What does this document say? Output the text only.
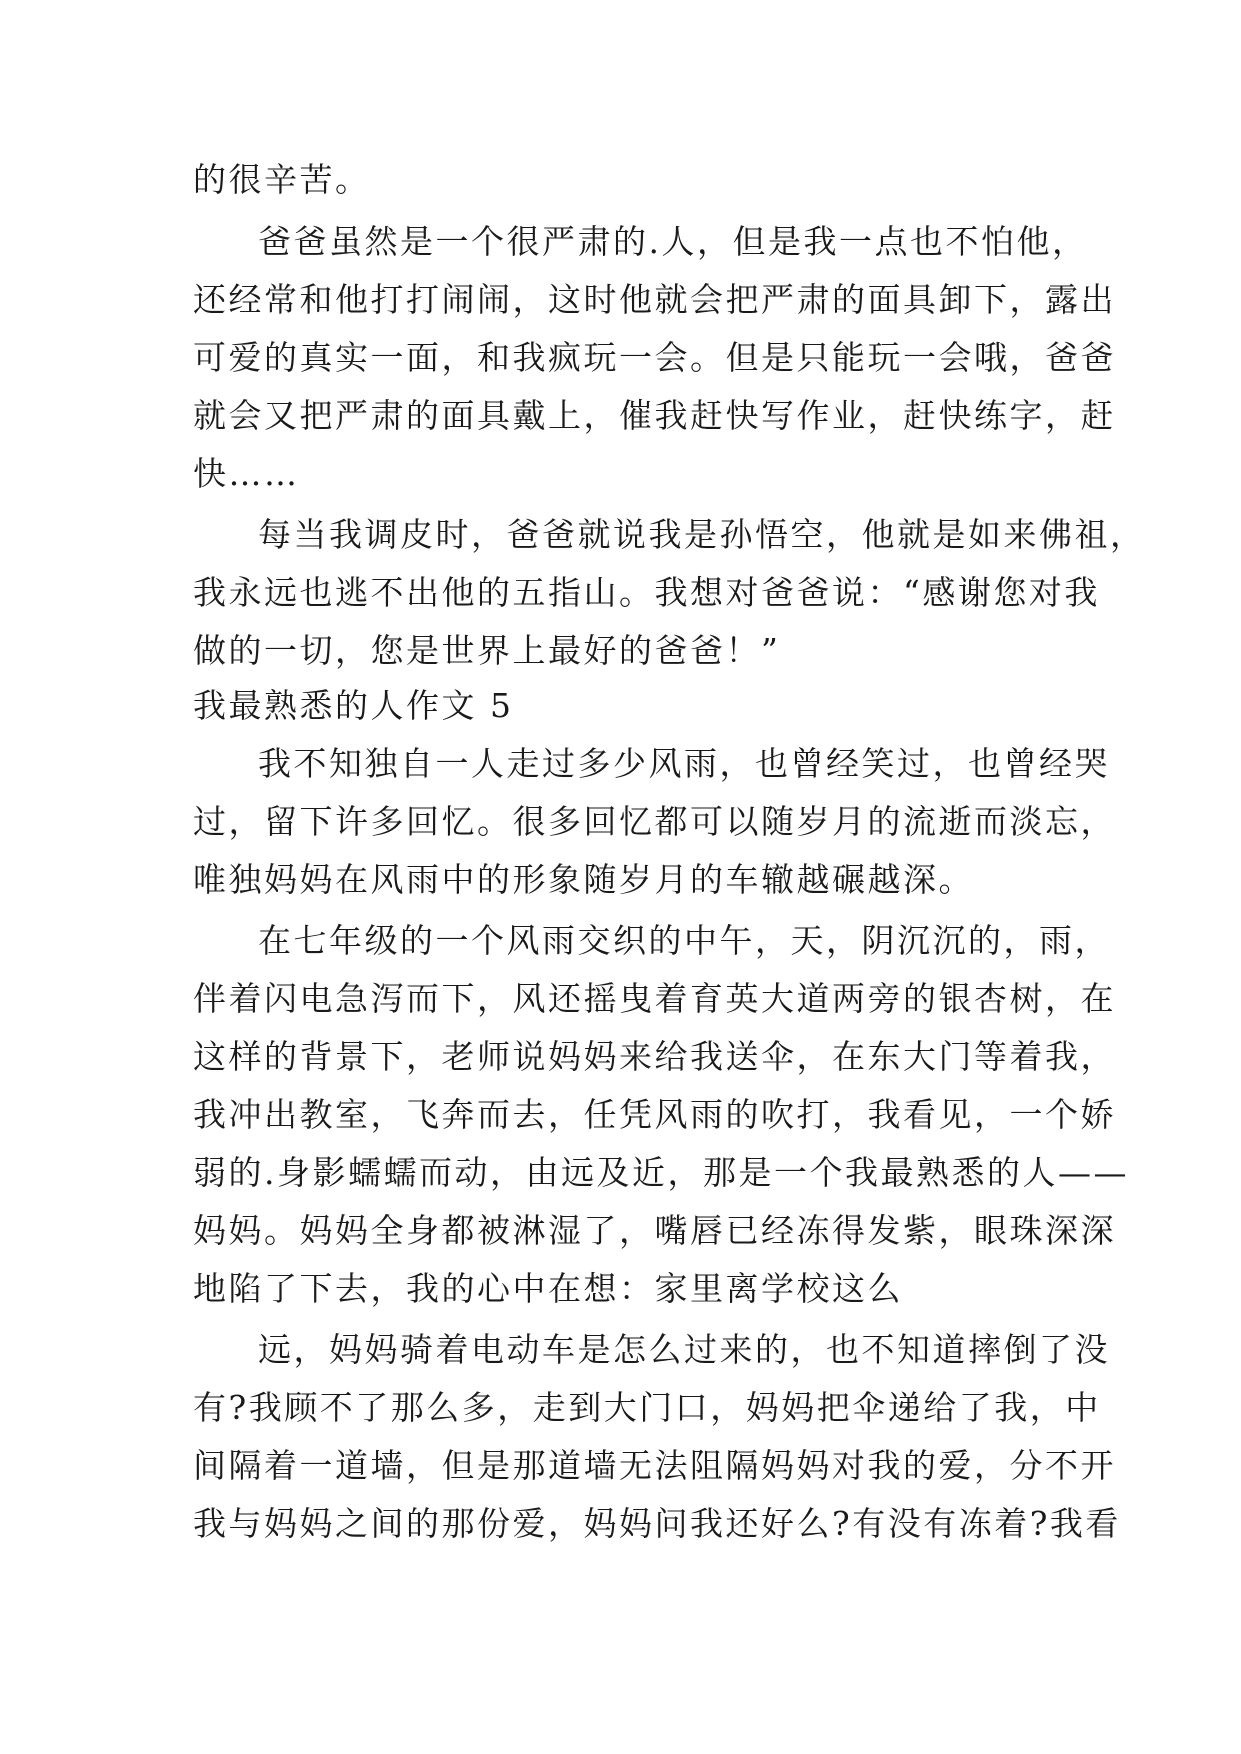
的很辛苦。

爸爸虽然是一个很严肃的.人，但是我一点也不怕他，

还经常和他打打闹闹，这时他就会把严肃的面具卸下，露出

可爱的真实一面，和我疯玩一会。但是只能玩一会哦，爸爸

就会又把严肃的面具戴上，催我赶快写作业，赶快练字，赶

快……

每当我调皮时，爸爸就说我是孙悟空，他就是如来佛祖，

我永远也逃不出他的五指山。我想对爸爸说：“感谢您对我

做的一切，您是世界上最好的爸爸！”

我最熟悉的人作文 5

我不知独自一人走过多少风雨，也曾经笑过，也曾经哭

过，留下许多回忆。很多回忆都可以随岁月的流逝而淡忘，

唯独妈妈在风雨中的形象随岁月的车辙越碾越深。

在七年级的一个风雨交织的中午，天，阴沉沉的，雨，

伴着闪电急泻而下，风还摇曳着育英大道两旁的银杏树，在

这样的背景下，老师说妈妈来给我送伞，在东大门等着我，

我冲出教室，飞奔而去，任凭风雨的吹打，我看见，一个娇

弱的.身影蠕蠕而动，由远及近，那是一个我最熟悉的人——

妈妈。妈妈全身都被淋湿了，嘴唇已经冻得发紫，眼珠深深

地陷了下去，我的心中在想：家里离学校这么

远，妈妈骑着电动车是怎么过来的，也不知道摔倒了没

有?我顾不了那么多，走到大门口，妈妈把伞递给了我，中

间隔着一道墙，但是那道墙无法阻隔妈妈对我的爱，分不开

我与妈妈之间的那份爱，妈妈问我还好么?有没有冻着?我看
